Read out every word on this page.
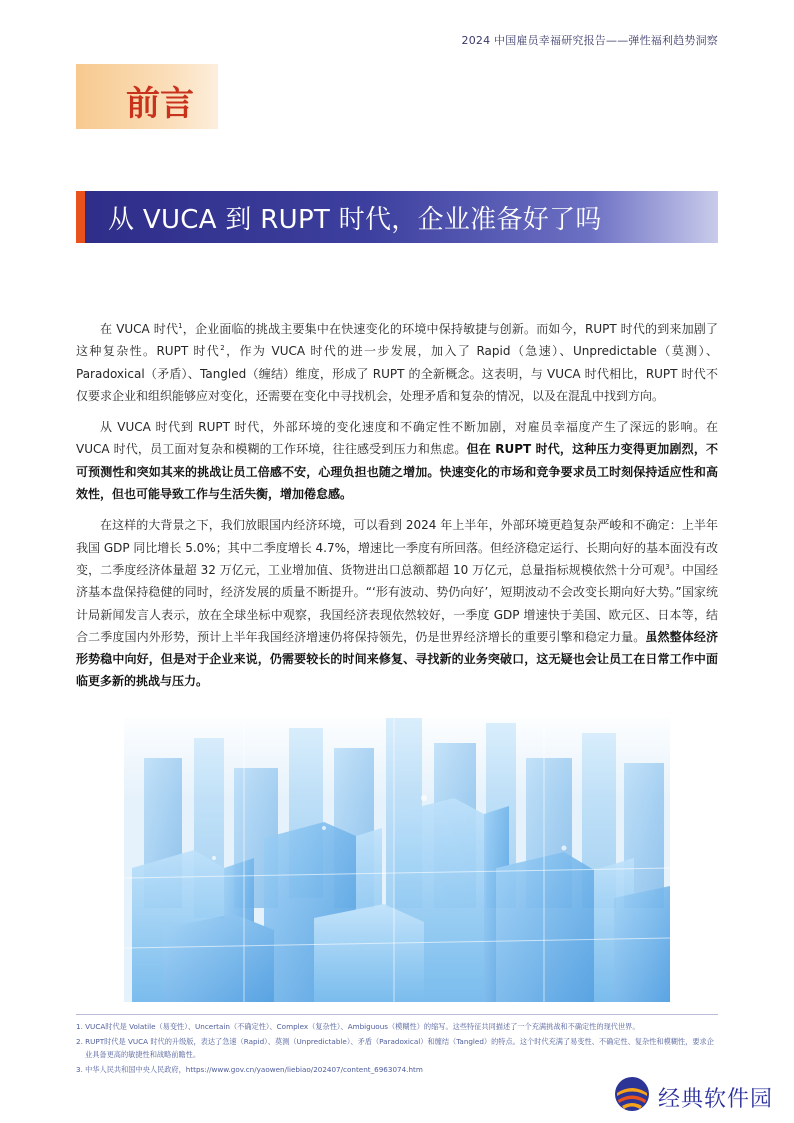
2024 中国雇员幸福研究报告——弹性福利趋势洞察
前言
从 VUCA 到 RUPT 时代，企业准备好了吗

在 VUCA 时代$^1$，企业面临的挑战主要集中在快速变化的环境中保持敏捷与创新。而如今，RUPT 时代的到来加剧了这种复杂性。RUPT 时代$^2$，作为 VUCA 时代的进一步发展，加入了 Rapid（急速）、Unpredictable（莫测）、Paradoxical（矛盾）、Tangled（缠结）维度，形成了 RUPT 的全新概念。这表明，与 VUCA 时代相比，RUPT 时代不仅要求企业和组织能够应对变化，还需要在变化中寻找机会，处理矛盾和复杂的情况，以及在混乱中找到方向。

从 VUCA 时代到 RUPT 时代，外部环境的变化速度和不确定性不断加剧，对雇员幸福度产生了深远的影响。在 VUCA 时代，员工面对复杂和模糊的工作环境，往往感受到压力和焦虑。但在 RUPT 时代，这种压力变得更加剧烈，不可预测性和突如其来的挑战让员工倍感不安，心理负担也随之增加。快速变化的市场和竞争要求员工时刻保持适应性和高效性，但也可能导致工作与生活失衡，增加倦怠感。

在这样的大背景之下，我们放眼国内经济环境，可以看到 2024 年上半年，外部环境更趋复杂严峻和不确定：上半年我国 GDP 同比增长 5.0%；其中二季度增长 4.7%，增速比一季度有所回落。但经济稳定运行、长期向好的基本面没有改变，二季度经济体量超 32 万亿元，工业增加值、货物进出口总额都超 10 万亿元，总量指标规模依然十分可观$^3$。中国经济基本盘保持稳健的同时，经济发展的质量不断提升。“‘形有波动、势仍向好’，短期波动不会改变长期向好大势。”国家统计局新闻发言人表示，放在全球坐标中观察，我国经济表现依然较好，一季度 GDP 增速快于美国、欧元区、日本等，结合二季度国内外形势，预计上半年我国经济增速仍将保持领先，仍是世界经济增长的重要引擎和稳定力量。虽然整体经济形势稳中向好，但是对于企业来说，仍需要较长的时间来修复、寻找新的业务突破口，这无疑也会让员工在日常工作中面临更多新的挑战与压力。

1. VUCA时代是 Volatile（易变性）、Uncertain（不确定性）、Complex（复杂性）、Ambiguous（模糊性）的缩写。这些特征共同描述了一个充满挑战和不确定性的现代世界。
2. RUPT时代是 VUCA 时代的升级版，表达了急速（Rapid）、莫测（Unpredictable）、矛盾（Paradoxical）和缠结（Tangled）的特点。这个时代充满了易变性、不确定性、复杂性和模糊性，要求企业具备更高的敏捷性和战略前瞻性。
3. 中华人民共和国中央人民政府，https://www.gov.cn/yaowen/liebiao/202407/content_6963074.htm
经典软件园
